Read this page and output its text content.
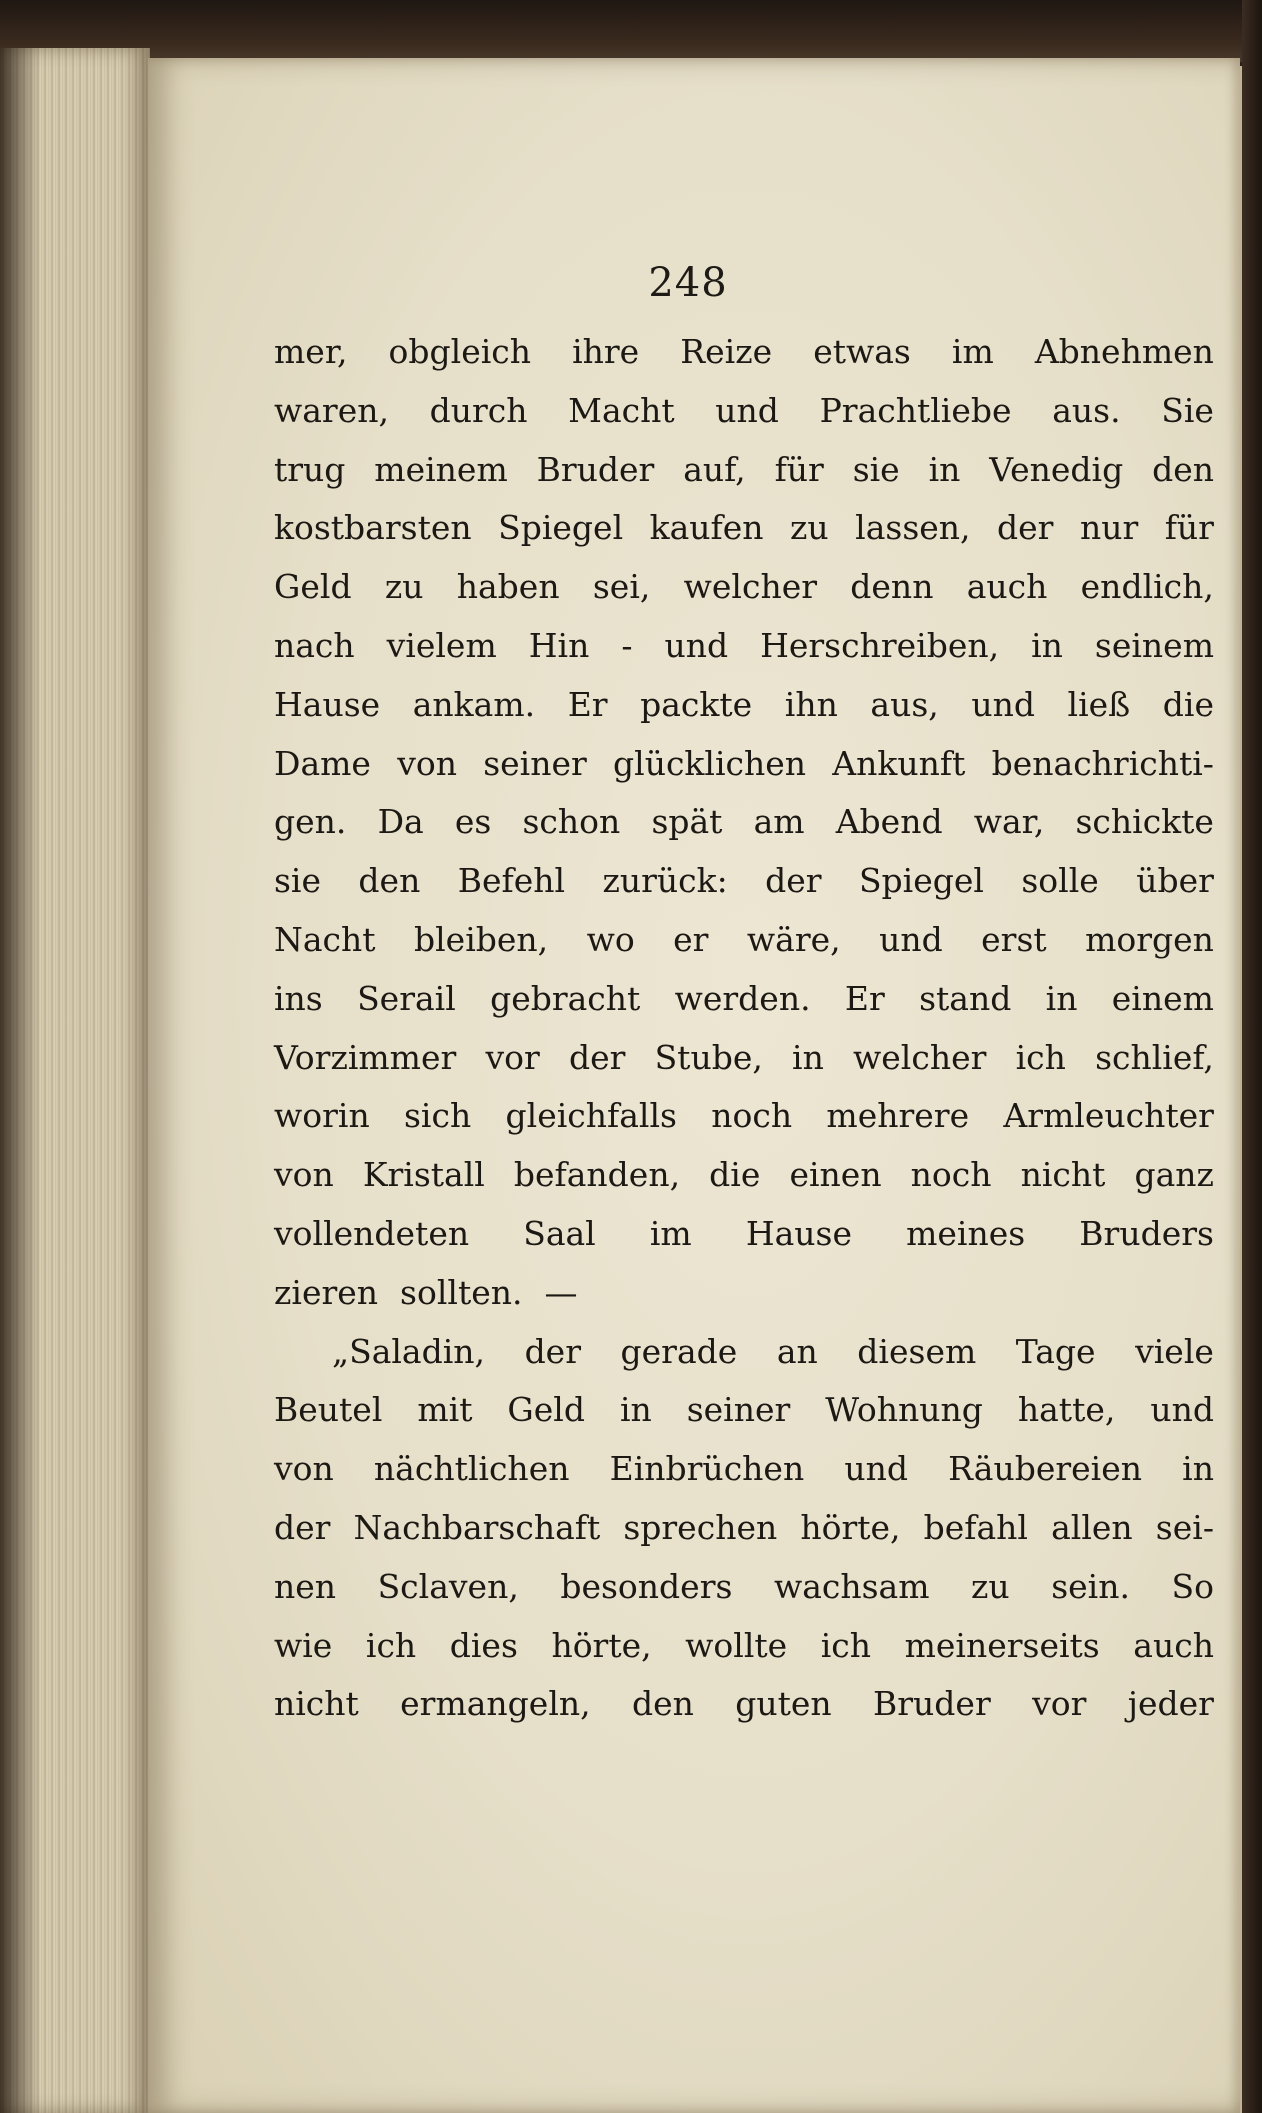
248
mer, obgleich ihre Reize etwas im Abnehmen
waren, durch Macht und Prachtliebe aus. Sie
trug meinem Bruder auf, für sie in Venedig den
kostbarsten Spiegel kaufen zu lassen, der nur für
Geld zu haben sei, welcher denn auch endlich,
nach vielem Hin - und Herschreiben, in seinem
Hause ankam. Er packte ihn aus, und ließ die
Dame von seiner glücklichen Ankunft benachrichti-
gen. Da es schon spät am Abend war, schickte
sie den Befehl zurück: der Spiegel solle über
Nacht bleiben, wo er wäre, und erst morgen
ins Serail gebracht werden. Er stand in einem
Vorzimmer vor der Stube, in welcher ich schlief,
worin sich gleichfalls noch mehrere Armleuchter
von Kristall befanden, die einen noch nicht ganz
vollendeten Saal im Hause meines Bruders
zieren sollten. —
„Saladin, der gerade an diesem Tage viele
Beutel mit Geld in seiner Wohnung hatte, und
von nächtlichen Einbrüchen und Räubereien in
der Nachbarschaft sprechen hörte, befahl allen sei-
nen Sclaven, besonders wachsam zu sein. So
wie ich dies hörte, wollte ich meinerseits auch
nicht ermangeln, den guten Bruder vor jeder
